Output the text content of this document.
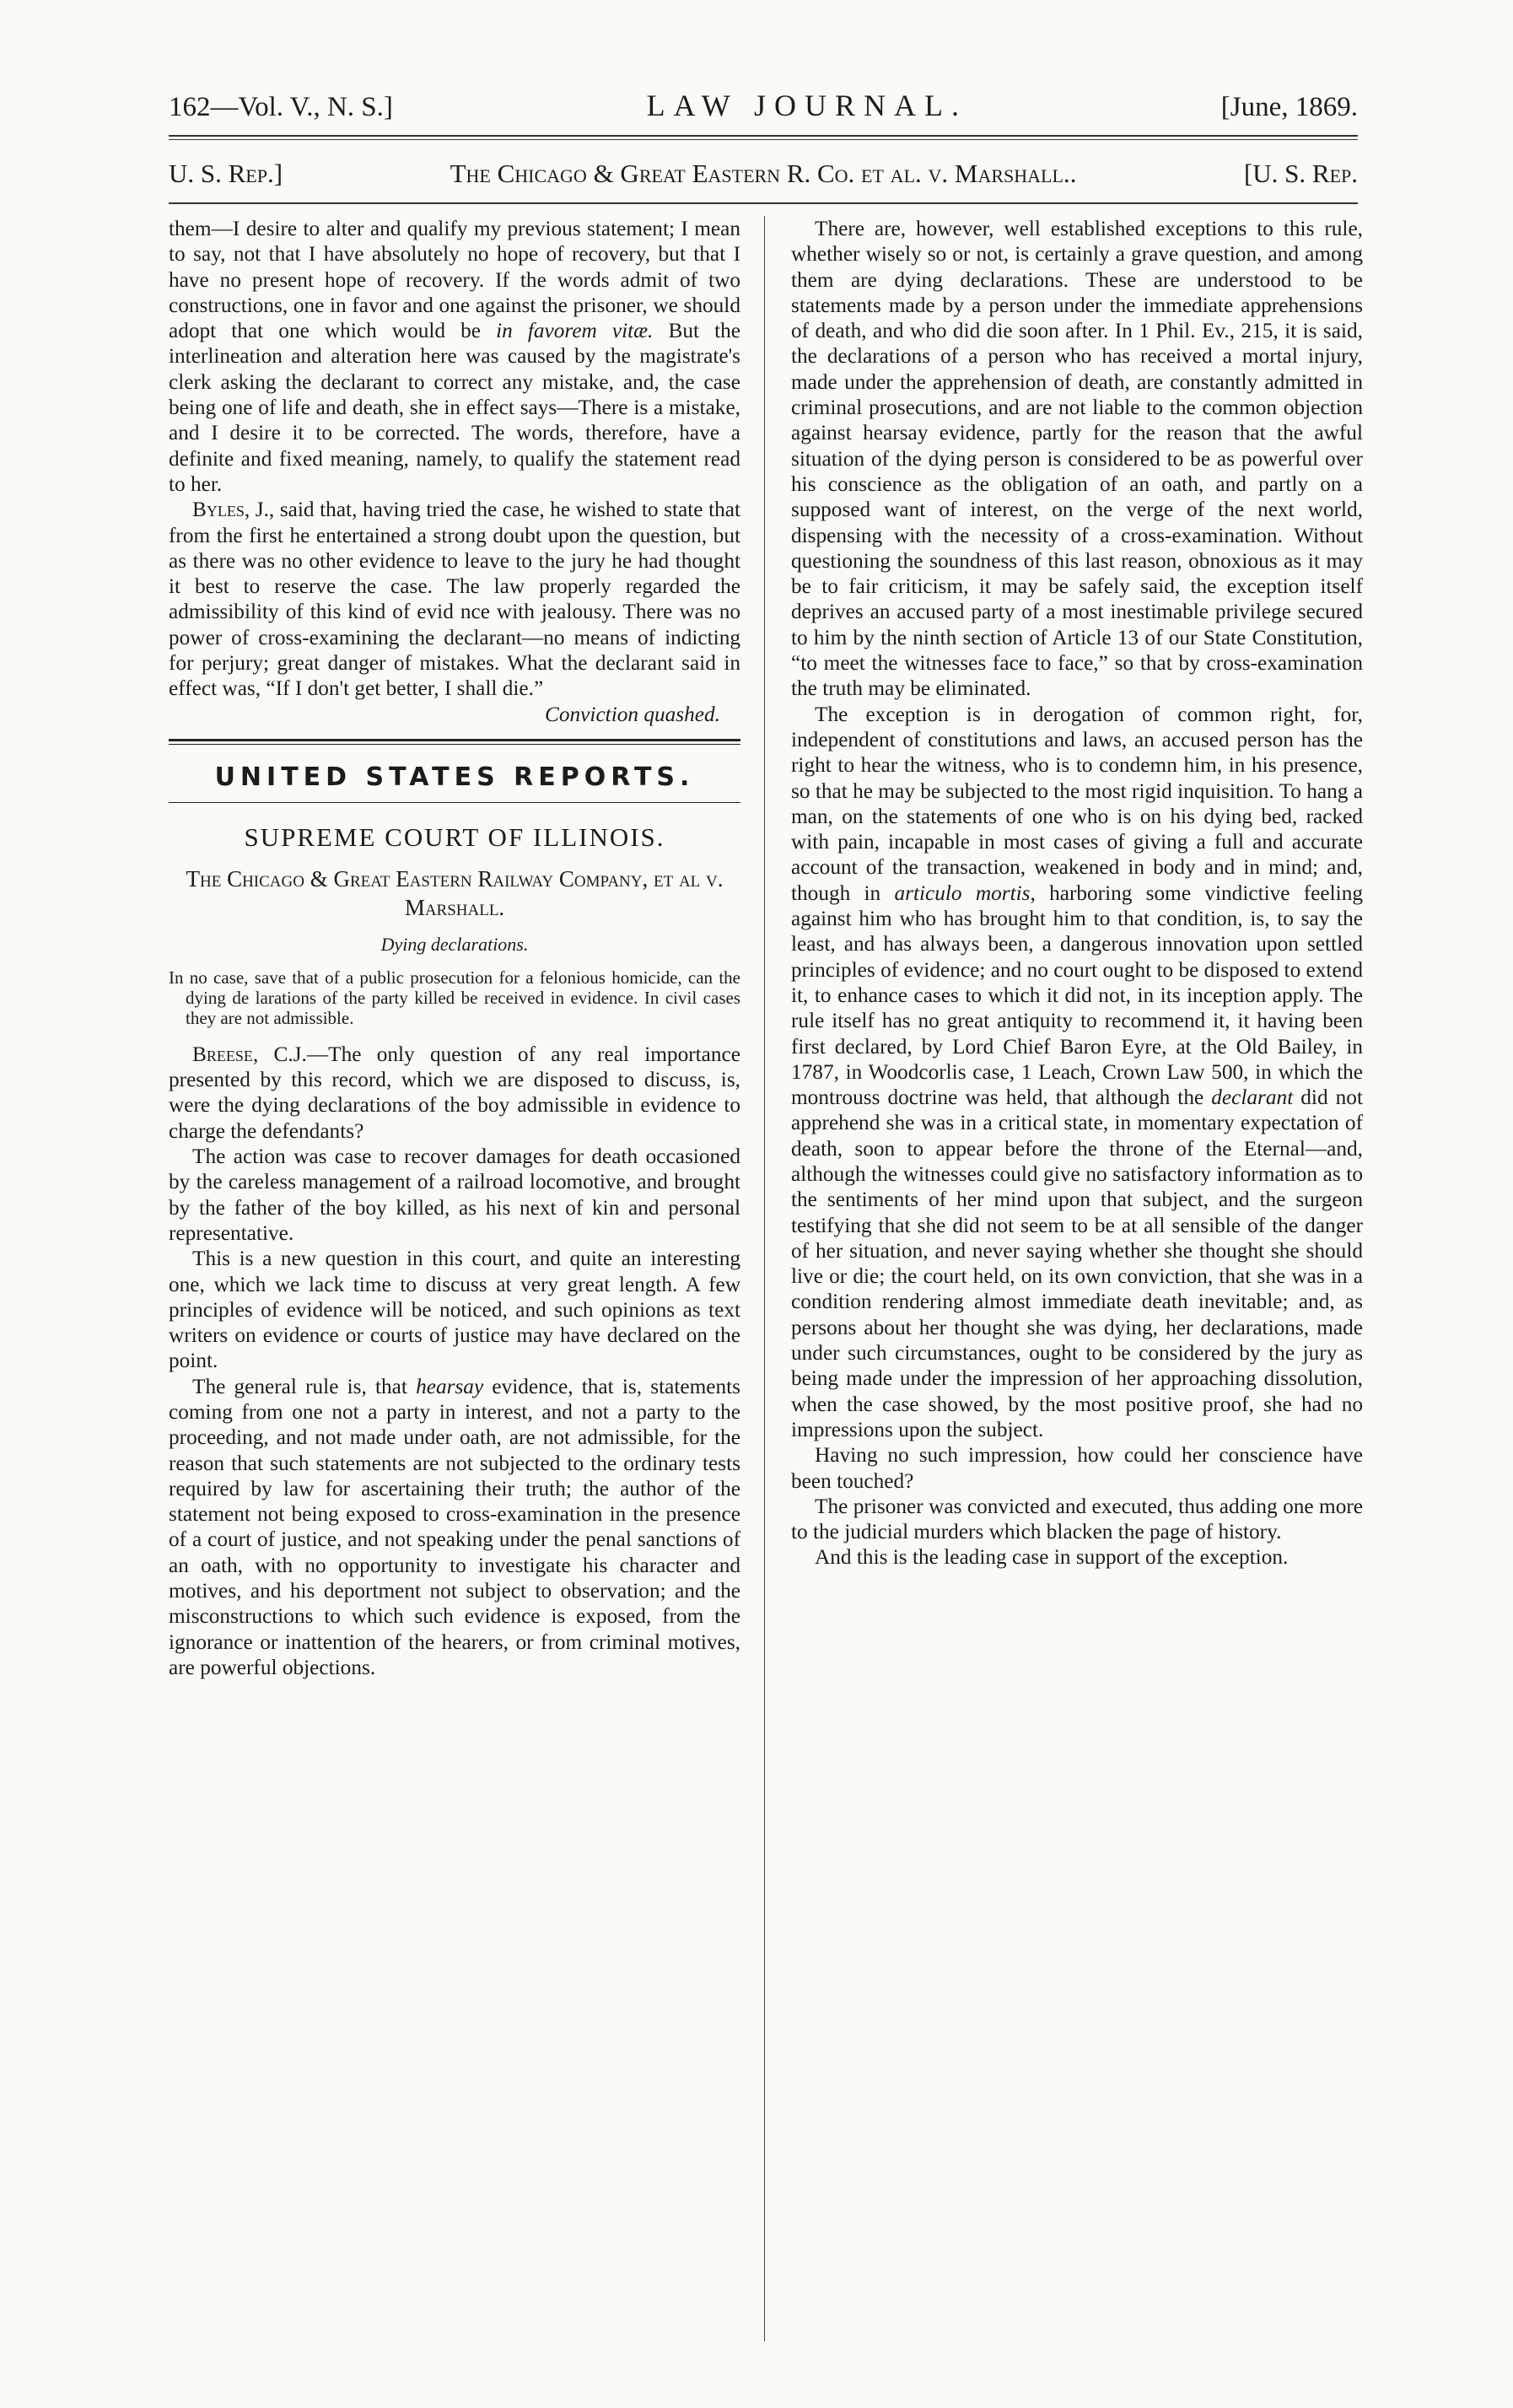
162—Vol. V., N. S.]	LAW JOURNAL.	[June, 1869.
U. S. Rep.]	The Chicago & Great Eastern R. Co. et al. v. Marshall..	[U. S. Rep.

them—I desire to alter and qualify my previous statement; I mean to say, not that I have absolutely no hope of recovery, but that I have no present hope of recovery. If the words admit of two constructions, one in favor and one against the prisoner, we should adopt that one which would be in favorem vitæ. But the interlineation and alteration here was caused by the magistrate's clerk asking the declarant to correct any mistake, and, the case being one of life and death, she in effect says—There is a mistake, and I desire it to be corrected. The words, therefore, have a definite and fixed meaning, namely, to qualify the statement read to her.

Byles, J., said that, having tried the case, he wished to state that from the first he entertained a strong doubt upon the question, but as there was no other evidence to leave to the jury he had thought it best to reserve the case. The law properly regarded the admissibility of this kind of evid nce with jealousy. There was no power of cross-examining the declarant—no means of indicting for perjury; great danger of mistakes. What the declarant said in effect was, “If I don't get better, I shall die.”

Conviction quashed.

UNITED STATES REPORTS.

SUPREME COURT OF ILLINOIS.

The Chicago & Great Eastern Railway Company, et al v. Marshall.

Dying declarations.

In no case, save that of a public prosecution for a felonious homicide, can the dying de larations of the party killed be received in evidence. In civil cases they are not admissible.

Breese, C.J.—The only question of any real importance presented by this record, which we are disposed to discuss, is, were the dying declarations of the boy admissible in evidence to charge the defendants?

The action was case to recover damages for death occasioned by the careless management of a railroad locomotive, and brought by the father of the boy killed, as his next of kin and personal representative.

This is a new question in this court, and quite an interesting one, which we lack time to discuss at very great length. A few principles of evidence will be noticed, and such opinions as text writers on evidence or courts of justice may have declared on the point.

The general rule is, that hearsay evidence, that is, statements coming from one not a party in interest, and not a party to the proceeding, and not made under oath, are not admissible, for the reason that such statements are not subjected to the ordinary tests required by law for ascertaining their truth; the author of the statement not being exposed to cross-examination in the presence of a court of justice, and not speaking under the penal sanctions of an oath, with no opportunity to investigate his character and motives, and his deportment not subject to observation; and the misconstructions to which such evidence is exposed, from the ignorance or inattention of the hearers, or from criminal motives, are powerful objections.

There are, however, well established exceptions to this rule, whether wisely so or not, is certainly a grave question, and among them are dying declarations. These are understood to be statements made by a person under the immediate apprehensions of death, and who did die soon after. In 1 Phil. Ev., 215, it is said, the declarations of a person who has received a mortal injury, made under the apprehension of death, are constantly admitted in criminal prosecutions, and are not liable to the common objection against hearsay evidence, partly for the reason that the awful situation of the dying person is considered to be as powerful over his conscience as the obligation of an oath, and partly on a supposed want of interest, on the verge of the next world, dispensing with the necessity of a cross-examination. Without questioning the soundness of this last reason, obnoxious as it may be to fair criticism, it may be safely said, the exception itself deprives an accused party of a most inestimable privilege secured to him by the ninth section of Article 13 of our State Constitution, “to meet the witnesses face to face,” so that by cross-examination the truth may be eliminated.

The exception is in derogation of common right, for, independent of constitutions and laws, an accused person has the right to hear the witness, who is to condemn him, in his presence, so that he may be subjected to the most rigid inquisition. To hang a man, on the statements of one who is on his dying bed, racked with pain, incapable in most cases of giving a full and accurate account of the transaction, weakened in body and in mind; and, though in articulo mortis, harboring some vindictive feeling against him who has brought him to that condition, is, to say the least, and has always been, a dangerous innovation upon settled principles of evidence; and no court ought to be disposed to extend it, to enhance cases to which it did not, in its inception apply. The rule itself has no great antiquity to recommend it, it having been first declared, by Lord Chief Baron Eyre, at the Old Bailey, in 1787, in Woodcorlis case, 1 Leach, Crown Law 500, in which the montrouss doctrine was held, that although the declarant did not apprehend she was in a critical state, in momentary expectation of death, soon to appear before the throne of the Eternal—and, although the witnesses could give no satisfactory information as to the sentiments of her mind upon that subject, and the surgeon testifying that she did not seem to be at all sensible of the danger of her situation, and never saying whether she thought she should live or die; the court held, on its own conviction, that she was in a condition rendering almost immediate death inevitable; and, as persons about her thought she was dying, her declarations, made under such circumstances, ought to be considered by the jury as being made under the impression of her approaching dissolution, when the case showed, by the most positive proof, she had no impressions upon the subject.

Having no such impression, how could her conscience have been touched?

The prisoner was convicted and executed, thus adding one more to the judicial murders which blacken the page of history.

And this is the leading case in support of the exception.
